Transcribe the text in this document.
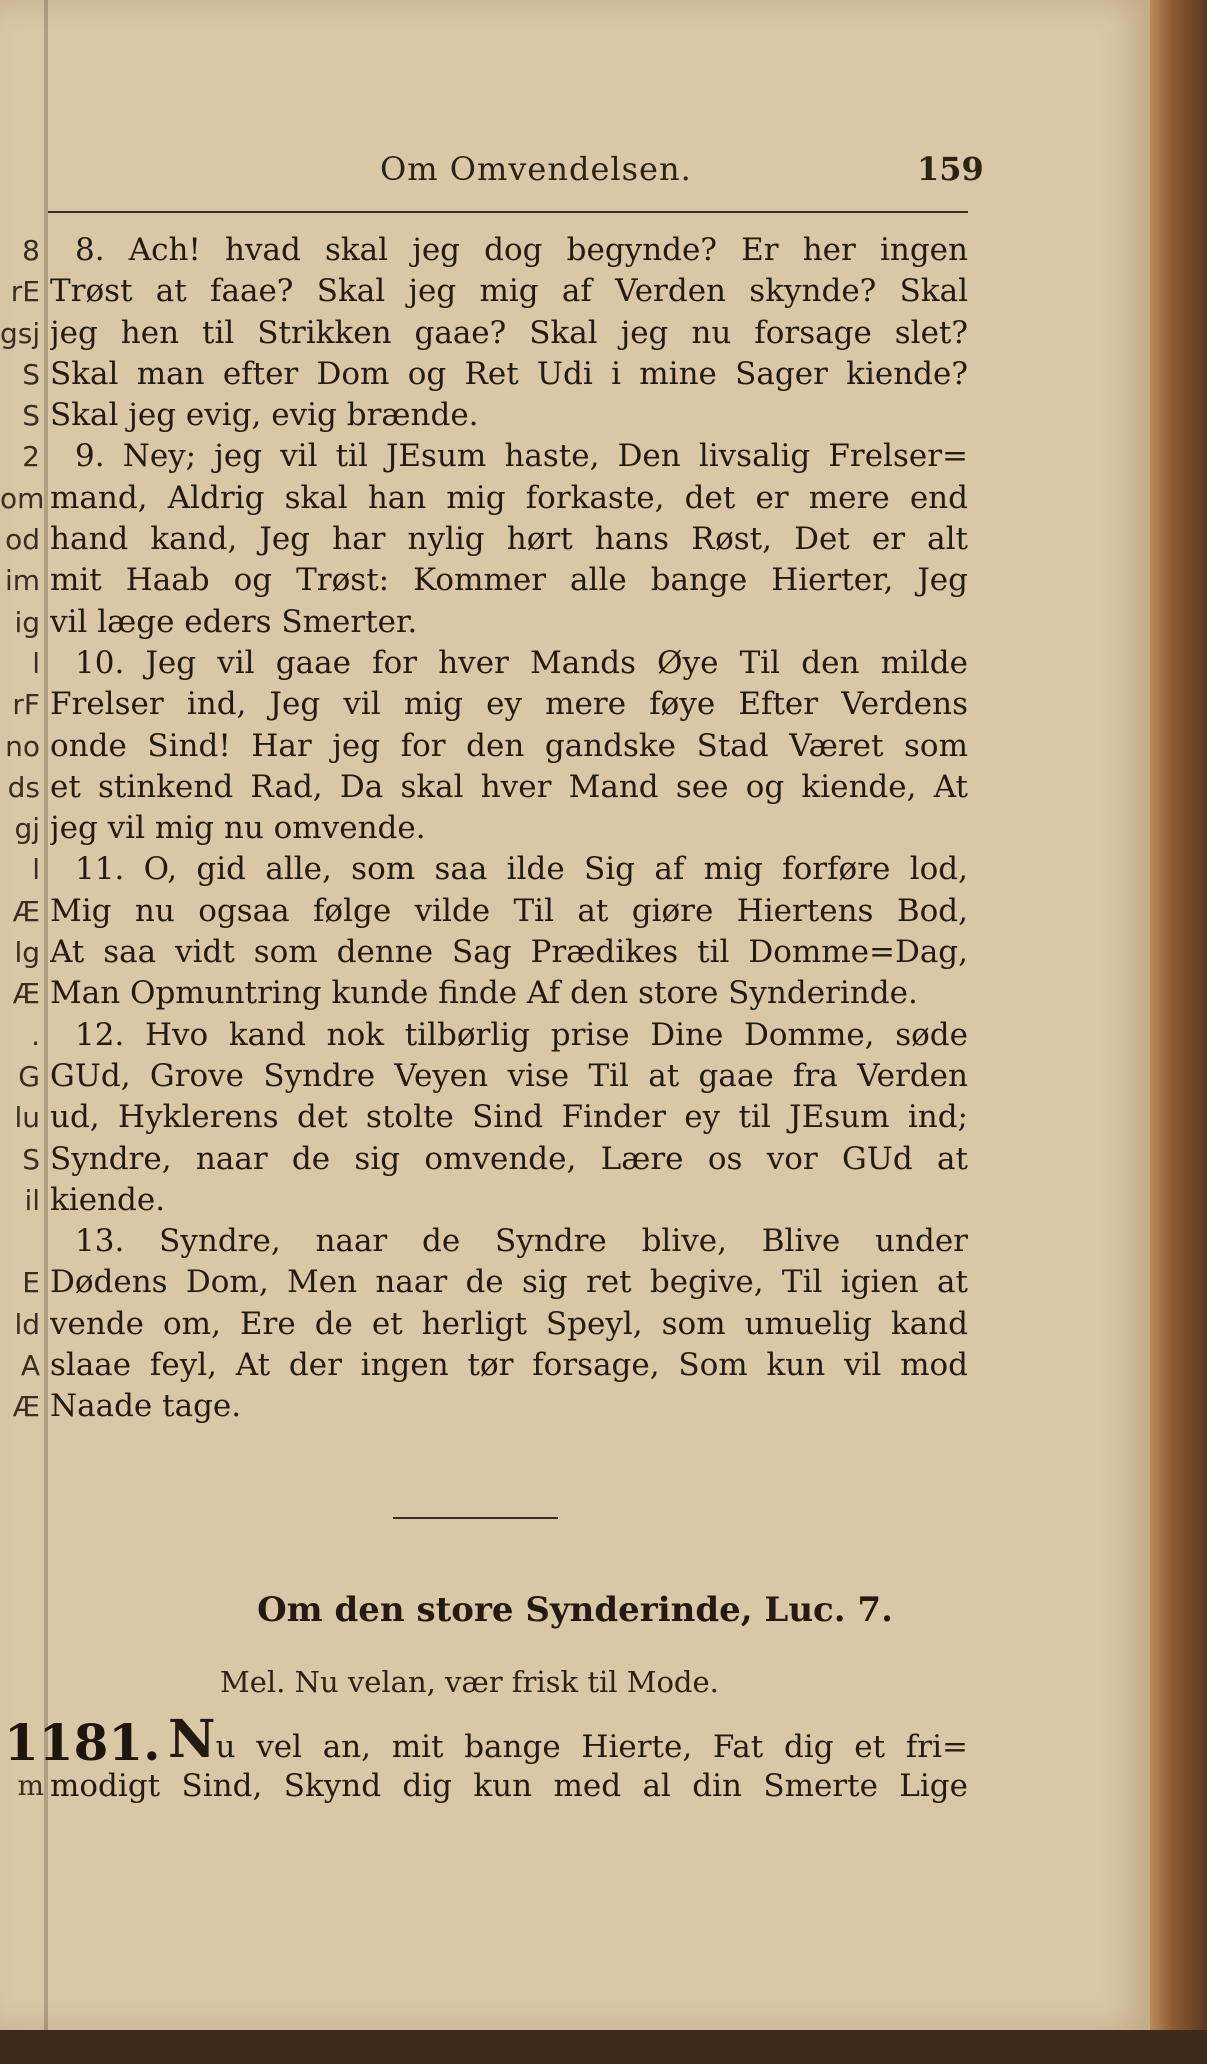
Om Omvendelsen.	159
8
rE
gsj
S
S
2
om
od
im
ig
l
rF
no
ds
gj
l
Æ
lg
Æ
.
G
lu
S
il
E
ld
A
Æ
8. Ach! hvad skal jeg dog begynde? Er her ingen
Trøst at faae? Skal jeg mig af Verden skynde? Skal
jeg hen til Strikken gaae? Skal jeg nu forsage slet?
Skal man efter Dom og Ret Udi i mine Sager kiende?
Skal jeg evig, evig brænde.
9. Ney; jeg vil til JEsum haste, Den livsalig Frelser=
mand, Aldrig skal han mig forkaste, det er mere end
hand kand, Jeg har nylig hørt hans Røst, Det er alt
mit Haab og Trøst: Kommer alle bange Hierter, Jeg
vil læge eders Smerter.
10. Jeg vil gaae for hver Mands Øye Til den milde
Frelser ind, Jeg vil mig ey mere føye Efter Verdens
onde Sind! Har jeg for den gandske Stad Været som
et stinkend Rad, Da skal hver Mand see og kiende, At
jeg vil mig nu omvende.
11. O, gid alle, som saa ilde Sig af mig forføre lod,
Mig nu ogsaa følge vilde Til at giøre Hiertens Bod,
At saa vidt som denne Sag Prædikes til Domme=Dag,
Man Opmuntring kunde finde Af den store Synderinde.
12. Hvo kand nok tilbørlig prise Dine Domme, søde
GUd, Grove Syndre Veyen vise Til at gaae fra Verden
ud, Hyklerens det stolte Sind Finder ey til JEsum ind;
Syndre, naar de sig omvende, Lære os vor GUd at
kiende.
13. Syndre, naar de Syndre blive, Blive under
Dødens Dom, Men naar de sig ret begive, Til igien at
vende om, Ere de et herligt Speyl, som umuelig kand
slaae feyl, At der ingen tør forsage, Som kun vil mod
Naade tage.
Om den store Synderinde, Luc. 7.
Mel. Nu velan, vær frisk til Mode.
1181. Nu vel an, mit bange Hierte, Fat dig et fri=
m modigt Sind, Skynd dig kun med al din Smerte Lige
